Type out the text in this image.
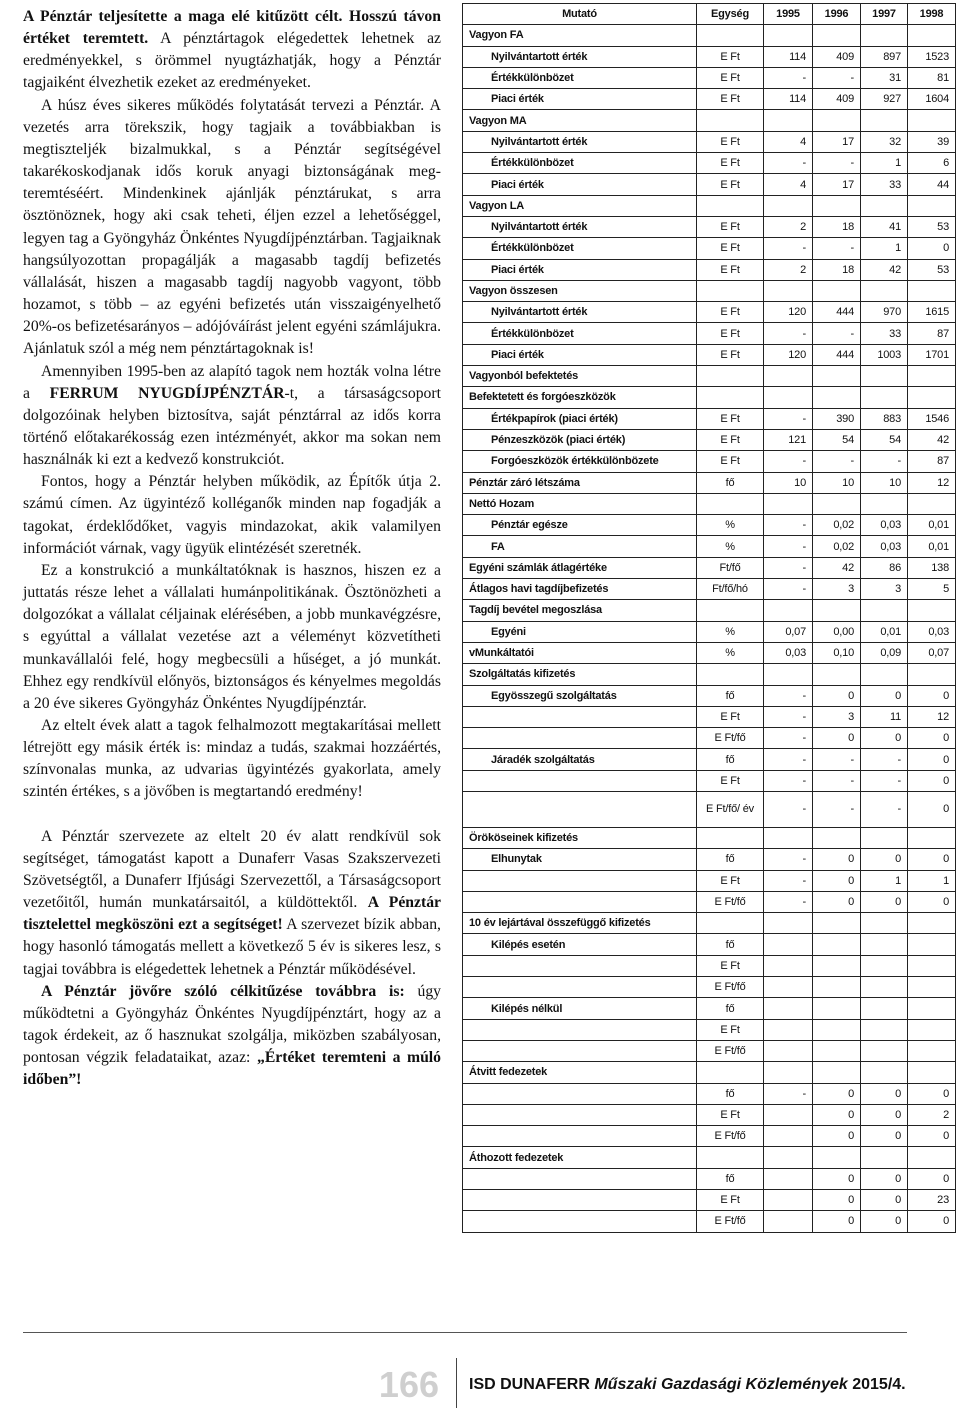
A Pénztár teljesítette a maga elé kitűzött célt. Hosszú távon értéket teremtett. A pénztártagok elégedettek lehetnek az eredményekkel, s örömmel nyugtázhatják, hogy a Pénztár tagjaiként élvezhetik ezeket az eredményeket.

A húsz éves sikeres működés folytatását tervezi a Pénztár. A vezetés arra törekszik, hogy tagjaik a továbbiakban is megtiszteljék bizalmukkal, s a Pénztár segítségével takarékoskodjanak idős koruk anyagi biztonságának megteremtéséért. Mindenkinek ajánlják pénztárukat, s arra ösztönöznek, hogy aki csak teheti, éljen ezzel a lehetőséggel, legyen tag a Gyöngyház Önkéntes Nyugdíjpénztárban. Tagjaiknak hangsúlyozottan propagálják a magasabb tagdíj befizetés vállalását, hiszen a magasabb tagdíj nagyobb vagyont, több hozamot, s több – az egyéni befizetés után visszaigényelhető 20%-os befizetésarányos – adójóváírást jelent egyéni számlájukra. Ajánlatuk szól a még nem pénztártagoknak is!

Amennyiben 1995-ben az alapító tagok nem hozták volna létre a FERRUM NYUGDÍJPÉNZTÁR-t, a társaságcsoport dolgozóinak helyben biztosítva, saját pénztárral az idős korra történő előtakarékosság ezen intézményét, akkor ma sokan nem használnák ki ezt a kedvező konstrukciót.

Fontos, hogy a Pénztár helyben működik, az Építők útja 2. számú címen. Az ügyintéző kolléganők minden nap fogadják a tagokat, érdeklődőket, vagyis mindazokat, akik valamilyen információt várnak, vagy ügyük elintézését szeretnék.

Ez a konstrukció a munkáltatóknak is hasznos, hiszen ez a juttatás része lehet a vállalati humánpolitikának. Ösztönözheti a dolgozókat a vállalat céljainak elérésében, a jobb munkavégzésre, s egyúttal a vállalat vezetése azt a véleményt közvetítheti munkavállalói felé, hogy megbecsüli a hűséget, a jó munkát. Ehhez egy rendkívül előnyös, biztonságos és kényelmes megoldás a 20 éve sikeres Gyöngyház Önkéntes Nyugdíjpénztár.

Az eltelt évek alatt a tagok felhalmozott megtakarításai mellett létrejött egy másik érték is: mindaz a tudás, szakmai hozzáértés, színvonalas munka, az udvarias ügyintézés gyakorlata, amely szintén értékes, s a jövőben is megtartandó eredmény!

A Pénztár szervezete az eltelt 20 év alatt rendkívül sok segítséget, támogatást kapott a Dunaferr Vasas Szakszervezeti Szövetségtől, a Dunaferr Ifjúsági Szervezettől, a Társaságcsoport vezetőitől, humán munkatársaitól, a küldöttektől. A Pénztár tisztelettel megköszöni ezt a segítséget! A szervezet bízik abban, hogy hasonló támogatás mellett a következő 5 év is sikeres lesz, s tagjai továbbra is elégedettek lehetnek a Pénztár működésével.

A Pénztár jövőre szóló célkitűzése továbbra is: úgy működtetni a Gyöngyház Önkéntes Nyugdíjpénztárt, hogy az a tagok érdekeit, az ő hasznukat szolgálja, miközben szabályosan, pontosan végzik feladataikat, azaz: „Értéket teremteni a múló időben”!

Mutató	Egység	1995	1996	1997	1998
Vagyon FA					
Nyilvántartott érték	E Ft	114	409	897	1523
Értékkülönbözet	E Ft	-	-	31	81
Piaci érték	E Ft	114	409	927	1604
Vagyon MA					
Nyilvántartott érték	E Ft	4	17	32	39
Értékkülönbözet	E Ft	-	-	1	6
Piaci érték	E Ft	4	17	33	44
Vagyon LA					
Nyilvántartott érték	E Ft	2	18	41	53
Értékkülönbözet	E Ft	-	-	1	0
Piaci érték	E Ft	2	18	42	53
Vagyon összesen					
Nyilvántartott érték	E Ft	120	444	970	1615
Értékkülönbözet	E Ft	-	-	33	87
Piaci érték	E Ft	120	444	1003	1701
Vagyonból befektetés					
Befektetett és forgóeszközök					
Értékpapírok (piaci érték)	E Ft	-	390	883	1546
Pénzeszközök (piaci érték)	E Ft	121	54	54	42
Forgóeszközök értékkülönbözete	E Ft	-	-	-	87
Pénztár záró létszáma	fő	10	10	10	12
Nettó Hozam					
Pénztár egésze	%	-	0,02	0,03	0,01
FA	%	-	0,02	0,03	0,01
Egyéni számlák átlagértéke	Ft/fő	-	42	86	138
Átlagos havi tagdíjbefizetés	Ft/fő/hó	-	3	3	5
Tagdíj bevétel megoszlása					
Egyéni	%	0,07	0,00	0,01	0,03
vMunkáltatói	%	0,03	0,10	0,09	0,07
Szolgáltatás kifizetés					
Egyösszegű szolgáltatás	fő	-	0	0	0
	E Ft	-	3	11	12
	E Ft/fő	-	0	0	0
Járadék szolgáltatás	fő	-	-	-	0
	E Ft	-	-	-	0
	E Ft/fő/ év	-	-	-	0
Örököseinek kifizetés					
Elhunytak	fő	-	0	0	0
	E Ft	-	0	1	1
	E Ft/fő	-	0	0	0
10 év lejártával összefüggő kifizetés					
Kilépés esetén	fő				
	E Ft				
	E Ft/fő				
Kilépés nélkül	fő				
	E Ft				
	E Ft/fő				
Átvitt fedezetek					
	fő	-	0	0	0
	E Ft		0	0	2
	E Ft/fő		0	0	0
Áthozott fedezetek					
	fő		0	0	0
	E Ft		0	0	23
	E Ft/fő		0	0	0
166 ISD DUNAFERR Műszaki Gazdasági Közlemények 2015/4.
